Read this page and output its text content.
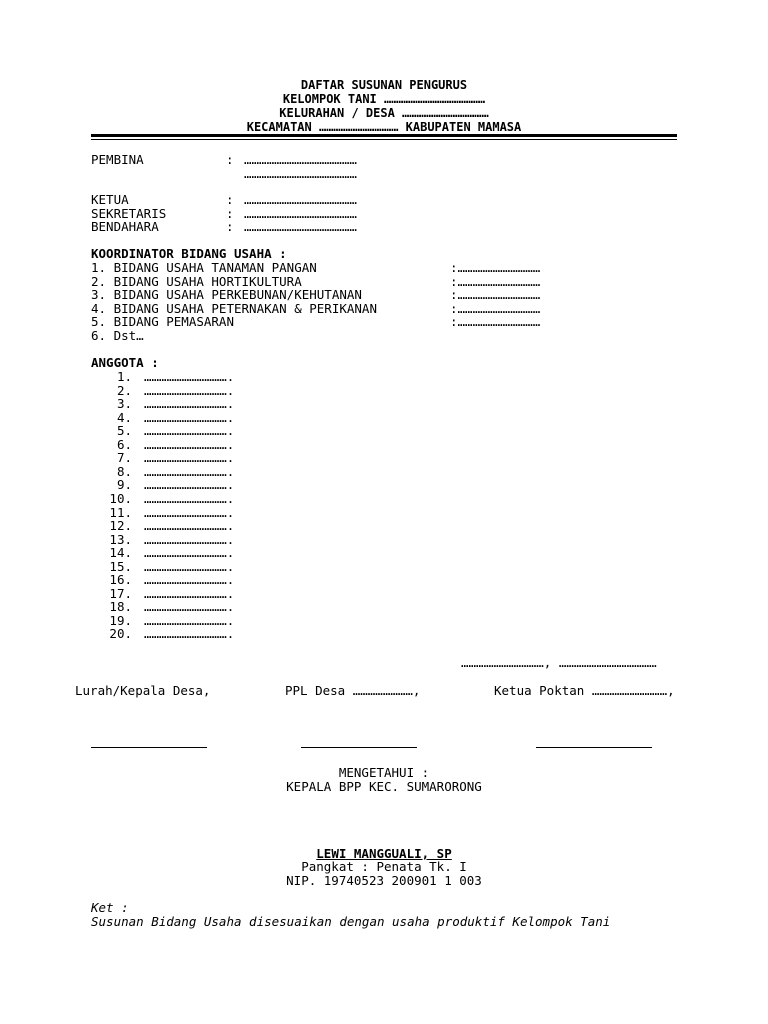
DAFTAR SUSUNAN PENGURUS
KELOMPOK TANI ……………………………………
KELURAHAN / DESA ………………………………
KECAMATAN …………………………… KABUPATEN MAMASA
PEMBINA	: ………………………………………
………………………………………
KETUA	: ………………………………………
SEKRETARIS	: ………………………………………
BENDAHARA	: ………………………………………
KOORDINATOR BIDANG USAHA :
1. BIDANG USAHA TANAMAN PANGAN	:……………………………
2. BIDANG USAHA HORTIKULTURA	:……………………………
3. BIDANG USAHA PERKEBUNAN/KEHUTANAN	:……………………………
4. BIDANG USAHA PETERNAKAN & PERIKANAN	:……………………………
5. BIDANG PEMASARAN	:……………………………
6. Dst…
ANGGOTA :
1. …………………………….
2. …………………………….
3. …………………………….
4. …………………………….
5. …………………………….
6. …………………………….
7. …………………………….
8. …………………………….
9. …………………………….
10. …………………………….
11. …………………………….
12. …………………………….
13. …………………………….
14. …………………………….
15. …………………………….
16. …………………………….
17. …………………………….
18. …………………………….
19. …………………………….
20. …………………………….
……………………………, …………………………………
Lurah/Kepala Desa,	PPL Desa ……………………,	Ketua Poktan …………………………,
MENGETAHUI :
KEPALA BPP KEC. SUMARORONG
LEWI MANGGUALI, SP
Pangkat : Penata Tk. I
NIP. 19740523 200901 1 003
Ket :
Susunan Bidang Usaha disesuaikan dengan usaha produktif Kelompok Tani
